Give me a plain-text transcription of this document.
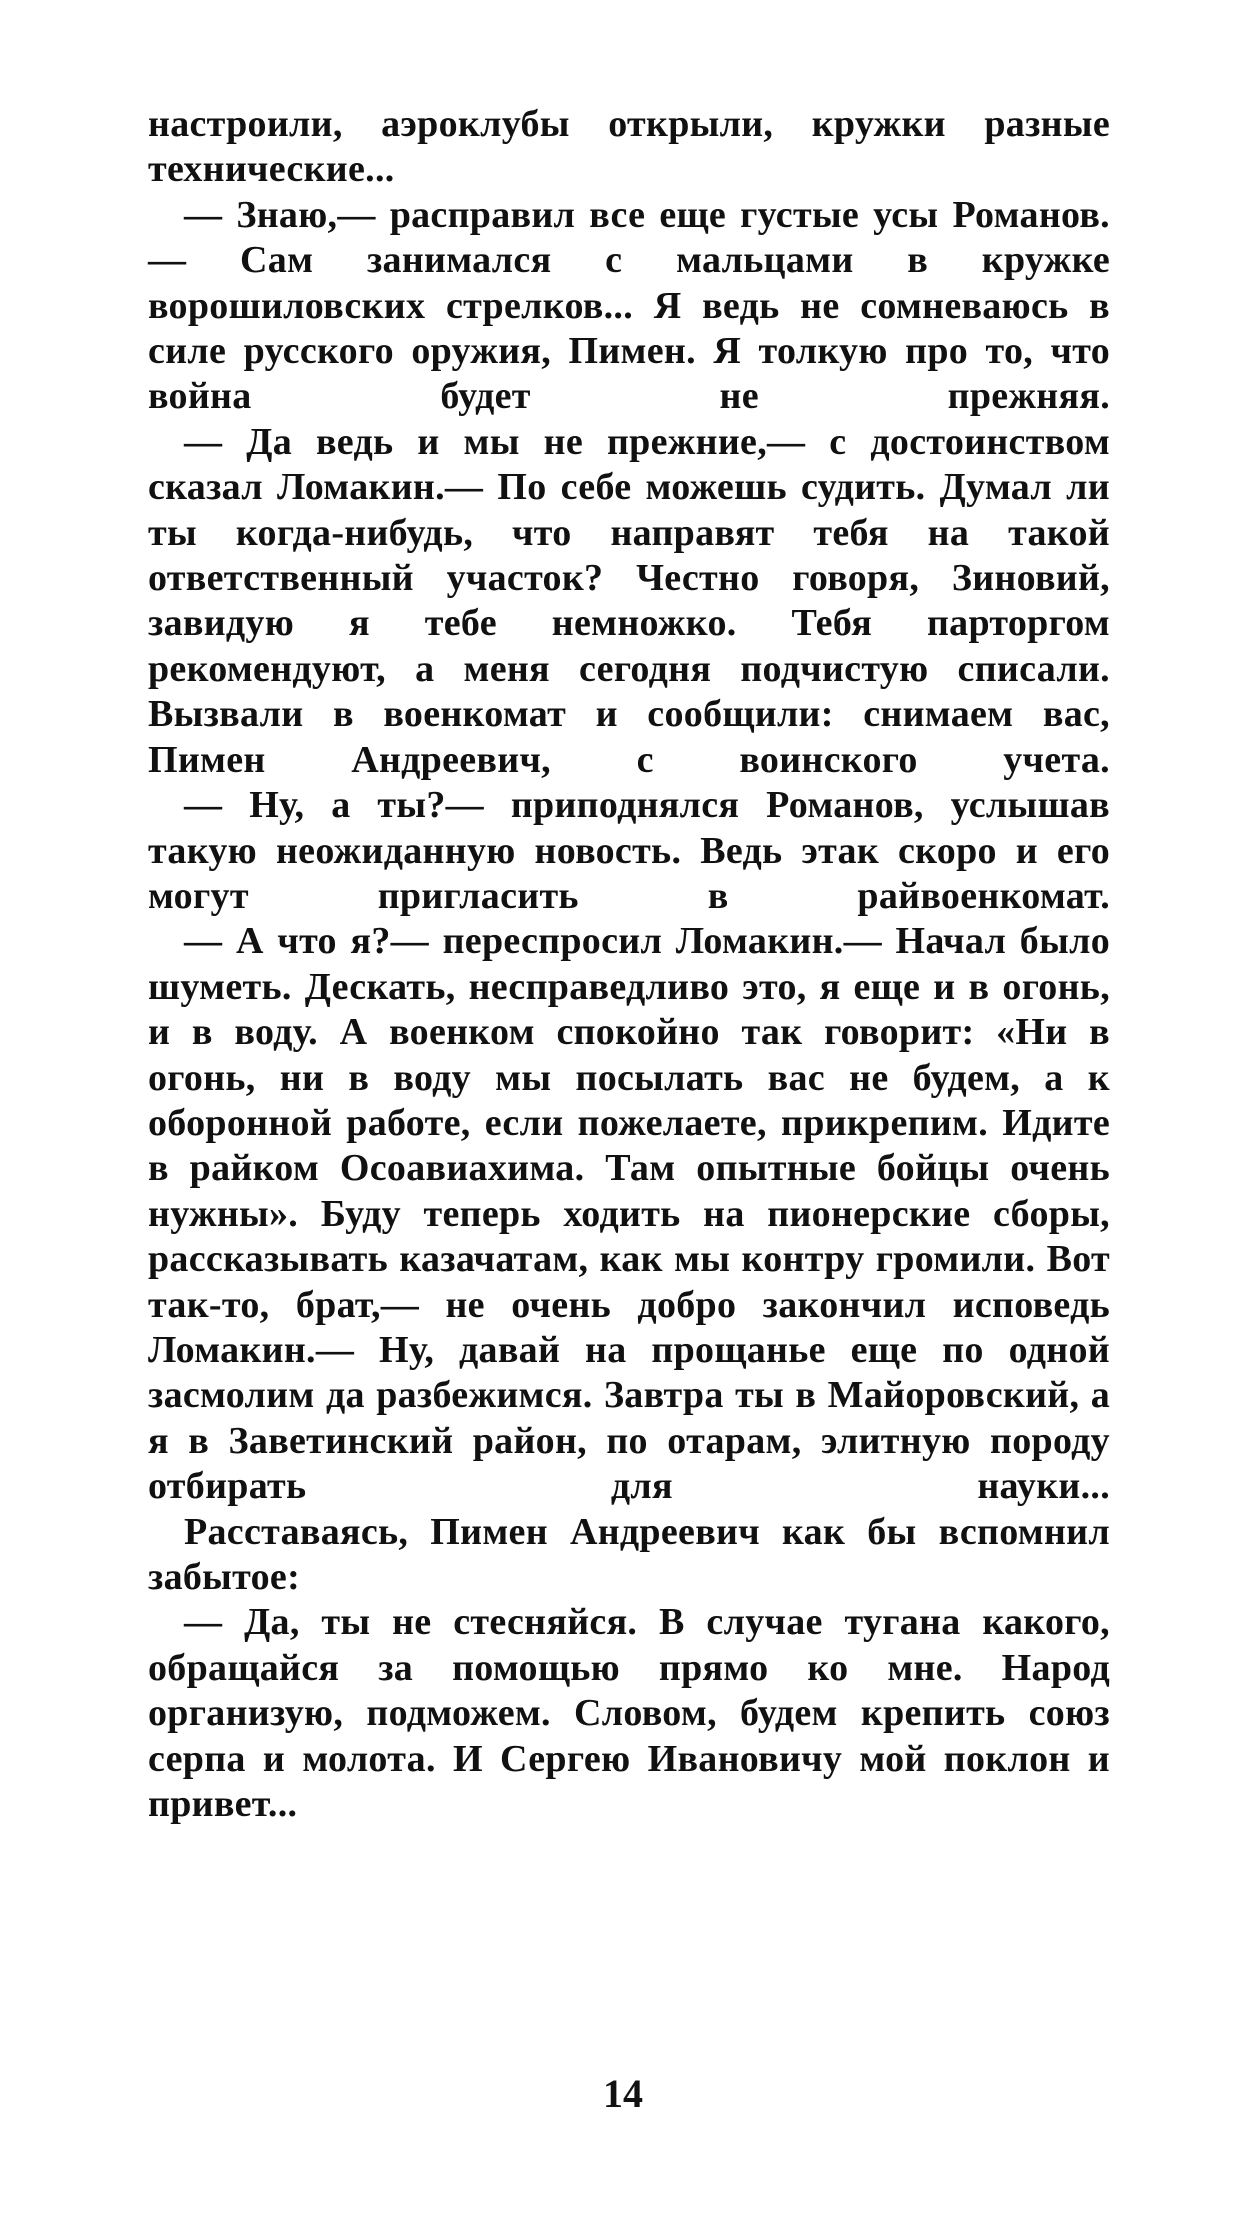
настроили, аэроклубы открыли, кружки разные технические...

— Знаю,— расправил все еще густые усы Романов.— Сам занимался с мальцами в кружке ворошиловских стрелков... Я ведь не сомневаюсь в силе русского оружия, Пимен. Я толкую про то, что война будет не прежняя.

— Да ведь и мы не прежние,— с достоинством сказал Ломакин.— По себе можешь судить. Думал ли ты когда-нибудь, что направят тебя на такой ответственный участок? Честно говоря, Зиновий, завидую я тебе немножко. Тебя парторгом рекомендуют, а меня сегодня подчистую списали. Вызвали в военкомат и сообщили: снимаем вас, Пимен Андреевич, с воинского учета.

— Ну, а ты?— приподнялся Романов, услышав такую неожиданную новость. Ведь этак скоро и его могут пригласить в райвоенкомат.

— А что я?— переспросил Ломакин.— Начал было шуметь. Дескать, несправедливо это, я еще и в огонь, и в воду. А военком спокойно так говорит: «Ни в огонь, ни в воду мы посылать вас не будем, а к оборонной работе, если пожелаете, прикрепим. Идите в райком Осоавиахима. Там опытные бойцы очень нужны». Буду теперь ходить на пионерские сборы, рассказывать казачатам, как мы контру громили. Вот так-то, брат,— не очень добро закончил исповедь Ломакин.— Ну, давай на прощанье еще по одной засмолим да разбежимся. Завтра ты в Майоровский, а я в Заветинский район, по отарам, элитную породу отбирать для науки...

Расставаясь, Пимен Андреевич как бы вспомнил забытое:

— Да, ты не стесняйся. В случае тугана какого, обращайся за помощью прямо ко мне. Народ организую, подможем. Словом, будем крепить союз серпа и молота. И Сергею Ивановичу мой поклон и привет...

14
